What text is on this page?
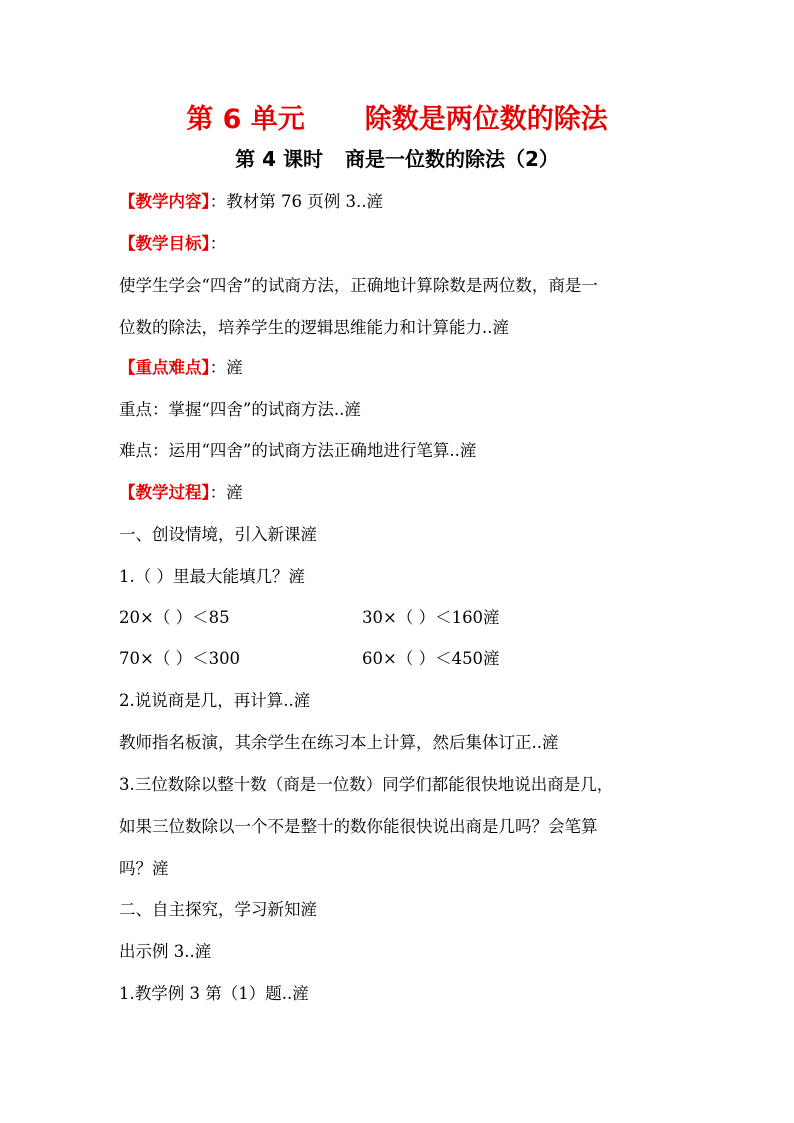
第 6 单元 除数是两位数的除法
第 4 课时 商是一位数的除法（2）
【教学内容】：教材第 76 页例 3..滻
【教学目标】：
使学生学会“四舍”的试商方法，正确地计算除数是两位数，商是一
位数的除法，培养学生的逻辑思维能力和计算能力..滻
【重点难点】：滻
重点：掌握“四舍”的试商方法..滻
难点：运用“四舍”的试商方法正确地进行笔算..滻
【教学过程】：滻
一、创设情境，引入新课滻
1.（ ）里最大能填几？滻
20×（ ）＜85	30×（ ）＜160滻
70×（ ）＜300	60×（ ）＜450滻
2.说说商是几，再计算..滻
教师指名板演，其余学生在练习本上计算，然后集体订正..滻
3.三位数除以整十数（商是一位数）同学们都能很快地说出商是几，
如果三位数除以一个不是整十的数你能很快说出商是几吗？会笔算
吗？滻
二、自主探究，学习新知滻
出示例 3..滻
1.教学例 3 第（1）题..滻
